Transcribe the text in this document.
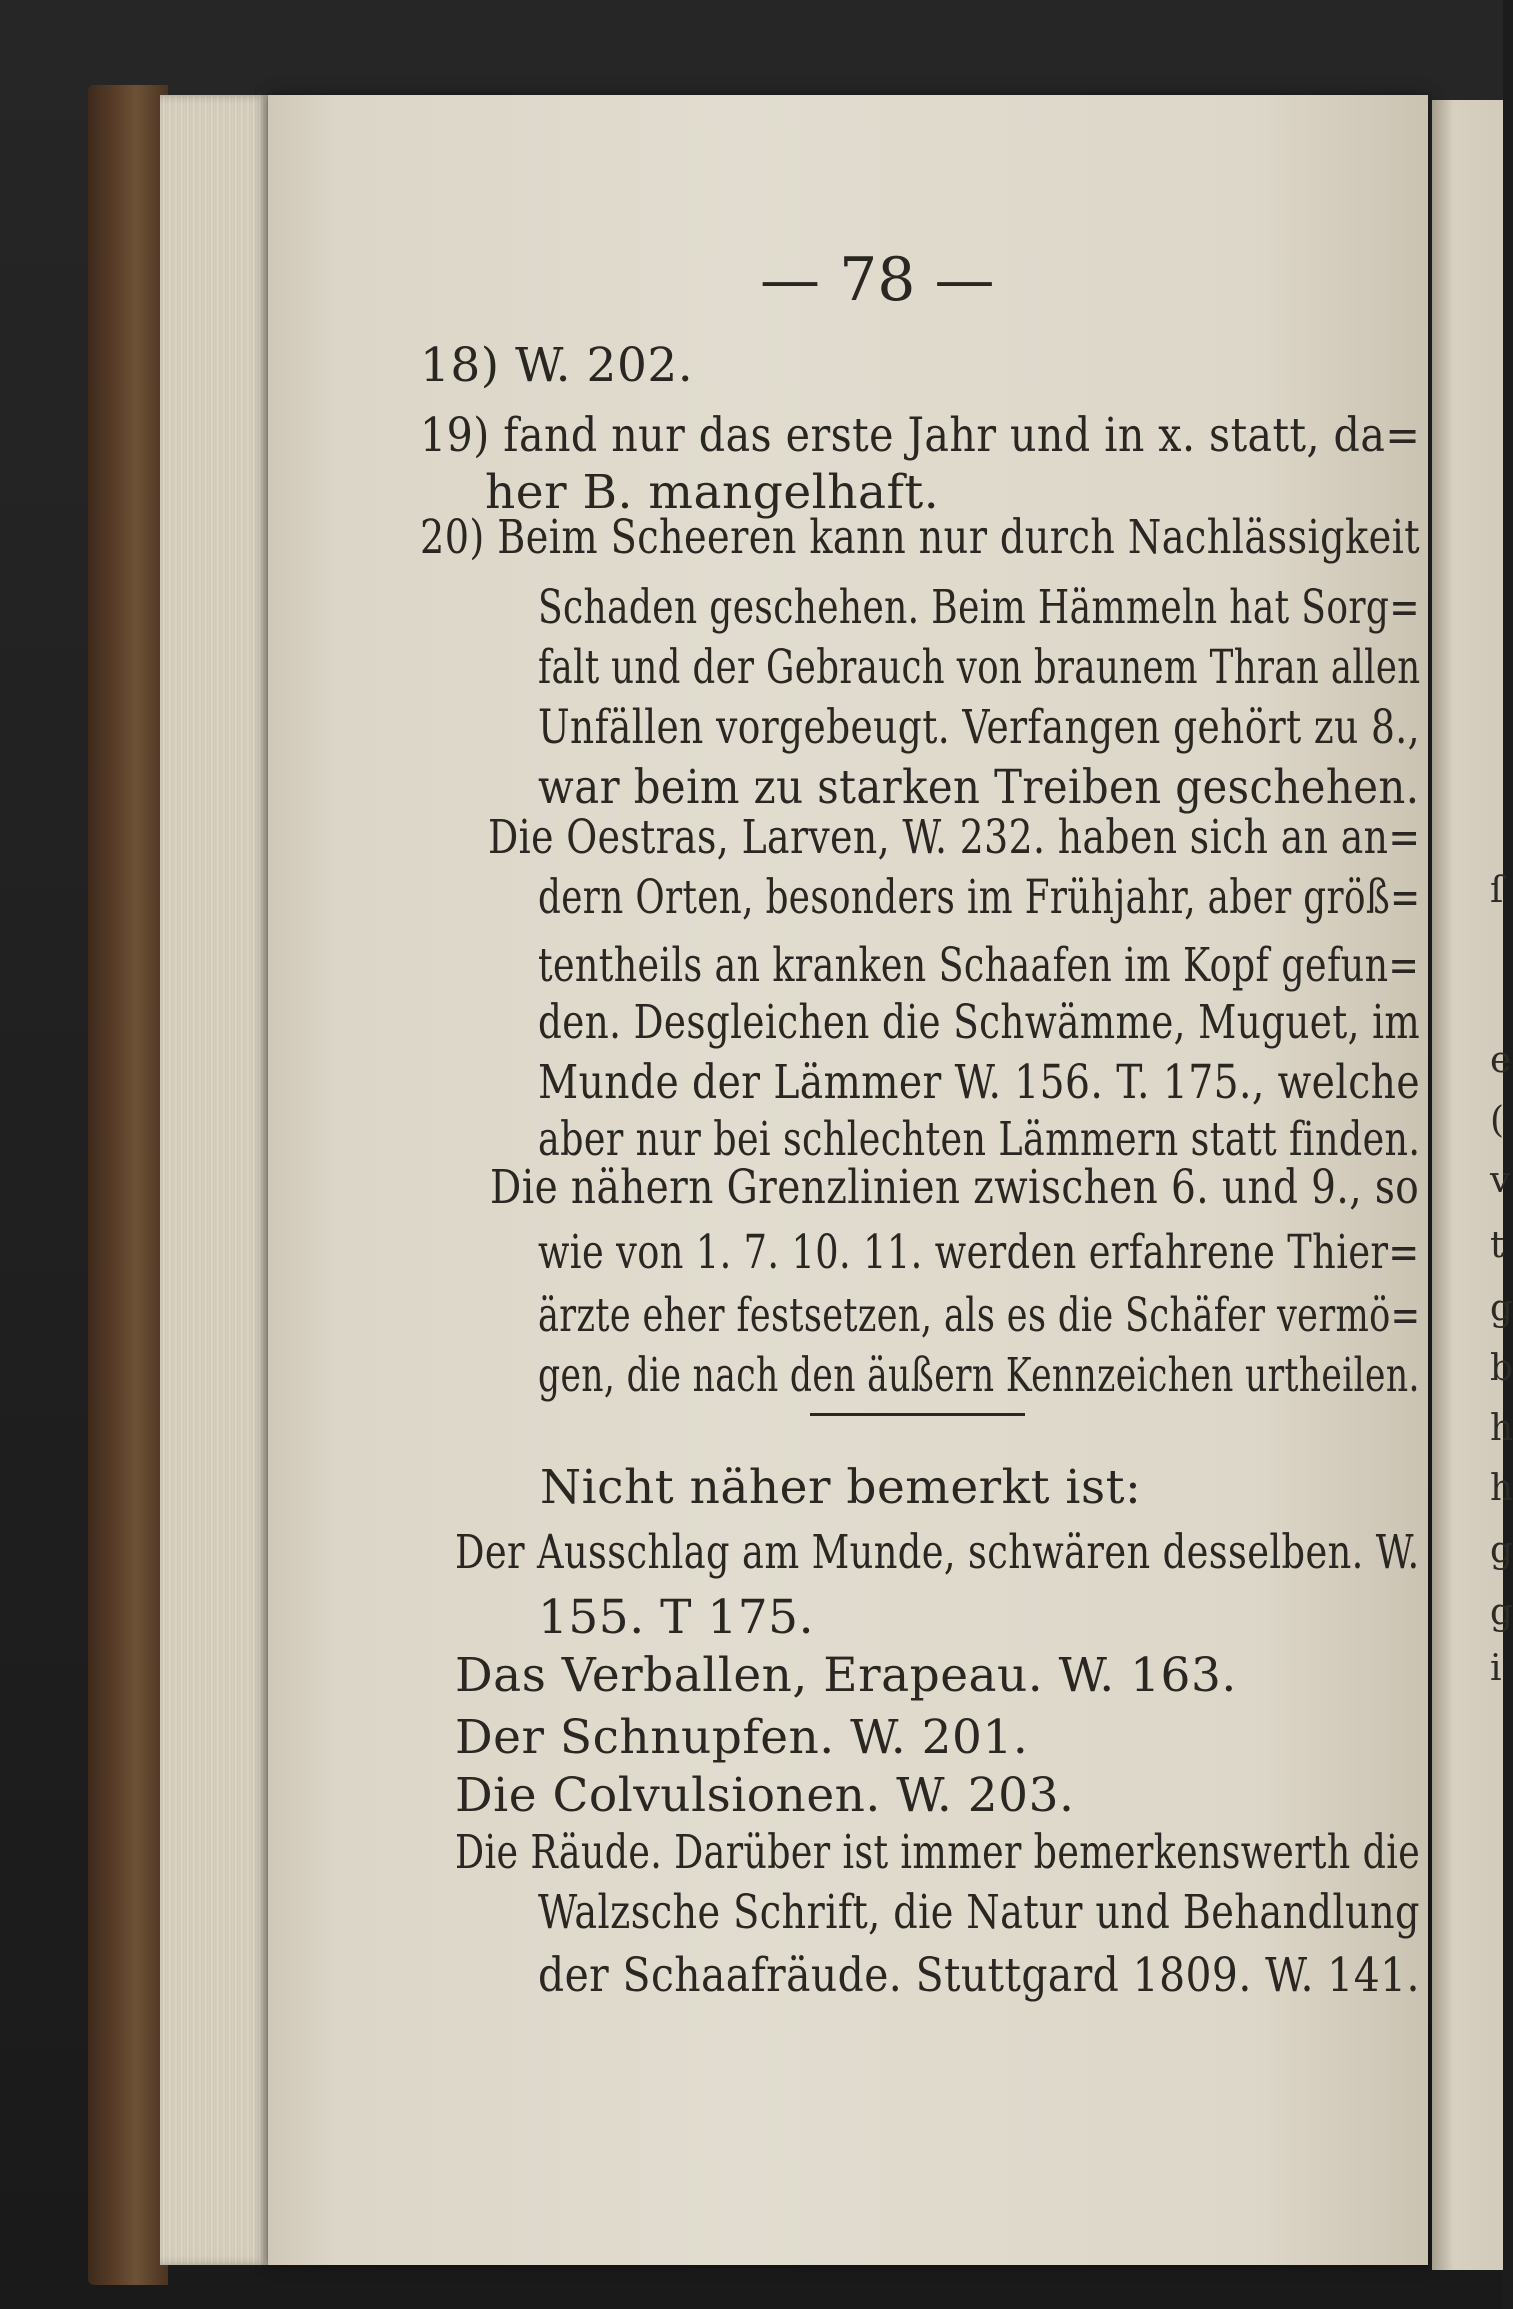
— 78 —
18) W. 202.
19) fand nur das erste Jahr und in x. statt, da=
her B. mangelhaft.
20) Beim Scheeren kann nur durch Nachlässigkeit
Schaden geschehen. Beim Hämmeln hat Sorg=
falt und der Gebrauch von braunem Thran allen
Unfällen vorgebeugt. Verfangen gehört zu 8.,
war beim zu starken Treiben geschehen.
Die Oestras, Larven, W. 232. haben sich an an=
dern Orten, besonders im Frühjahr, aber größ=
tentheils an kranken Schaafen im Kopf gefun=
den. Desgleichen die Schwämme, Muguet, im
Munde der Lämmer W. 156. T. 175., welche
aber nur bei schlechten Lämmern statt finden.
Die nähern Grenzlinien zwischen 6. und 9., so
wie von 1. 7. 10. 11. werden erfahrene Thier=
ärzte eher festsetzen, als es die Schäfer vermö=
gen, die nach den äußern Kennzeichen urtheilen.
Nicht näher bemerkt ist:
Der Ausschlag am Munde, schwären desselben. W.
155. T 175.
Das Verballen, Erapeau. W. 163.
Der Schnupfen. W. 201.
Die Colvulsionen. W. 203.
Die Räude. Darüber ist immer bemerkenswerth die
Walzsche Schrift, die Natur und Behandlung
der Schaafräude. Stuttgard 1809. W. 141.
ſ
e
(
v
t
g
b
h
h
g
g
i
